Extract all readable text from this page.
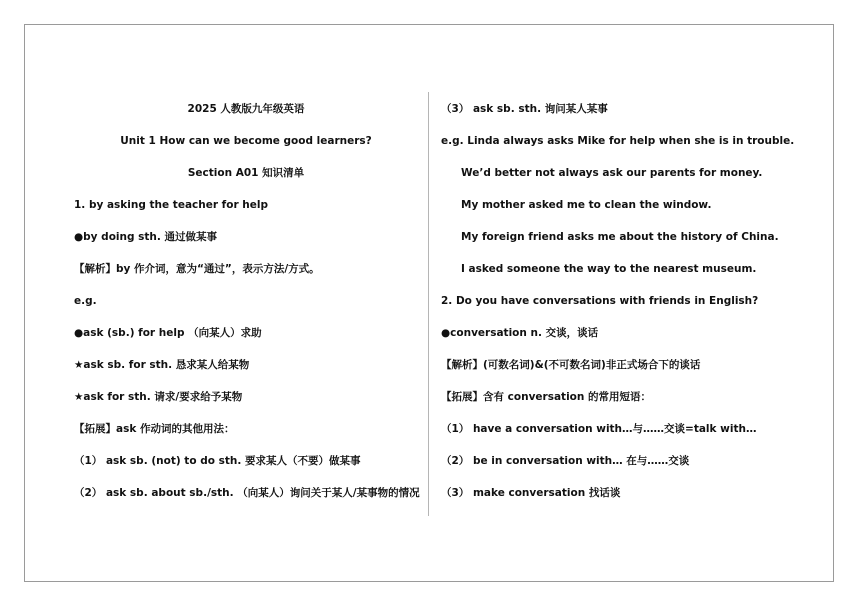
2025 人教版九年级英语
Unit 1 How can we become good learners?
Section A01 知识清单
1. by asking the teacher for help
●by doing sth. 通过做某事
【解析】by 作介词，意为“通过”，表示方法/方式。
e.g.
●ask (sb.) for help （向某人）求助
★ask sb. for sth. 恳求某人给某物
★ask for sth. 请求/要求给予某物
【拓展】ask 作动词的其他用法：
（1） ask sb. (not) to do sth. 要求某人（不要）做某事
（2） ask sb. about sb./sth. （向某人）询问关于某人/某事物的情况
（3） ask sb. sth. 询问某人某事
e.g. Linda always asks Mike for help when she is in trouble.
We’d better not always ask our parents for money.
My mother asked me to clean the window.
My foreign friend asks me about the history of China.
I asked someone the way to the nearest museum.
2. Do you have conversations with friends in English?
●conversation n. 交谈，谈话
【解析】(可数名词)&(不可数名词)非正式场合下的谈话
【拓展】含有 conversation 的常用短语：
（1） have a conversation with…与……交谈=talk with…
（2） be in conversation with… 在与……交谈
（3） make conversation 找话谈
